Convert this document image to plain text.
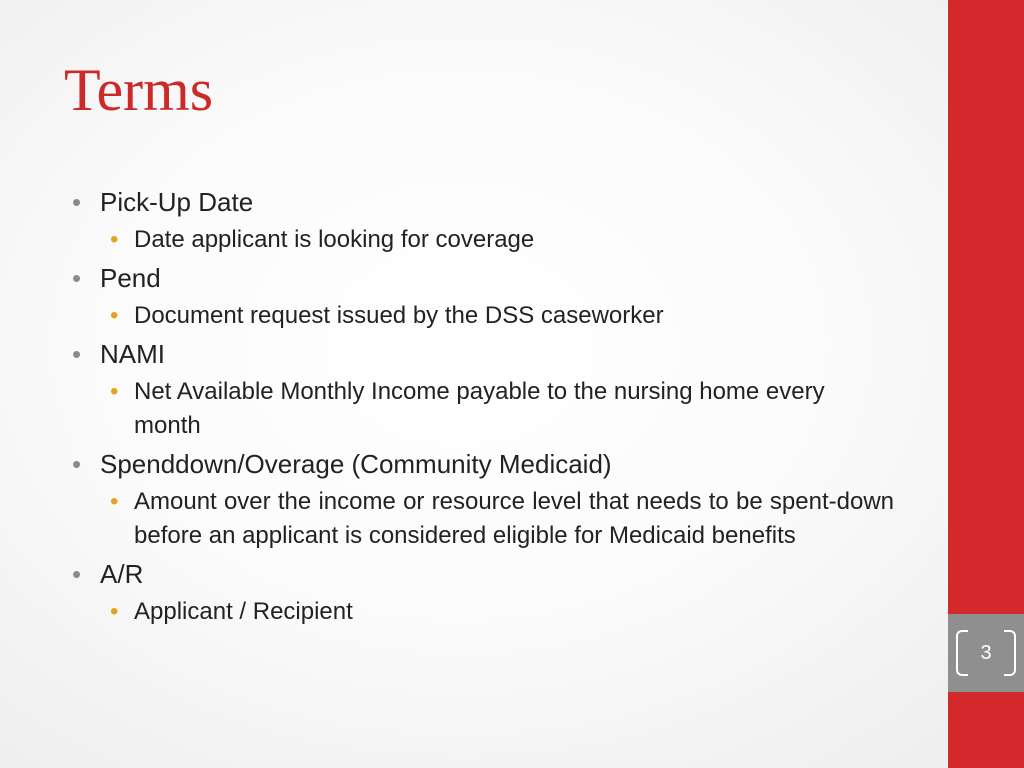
Terms
• Pick-Up Date
• Date applicant is looking for coverage
• Pend
• Document request issued by the DSS caseworker
• NAMI
• Net Available Monthly Income payable to the nursing home every month
• Spenddown/Overage (Community Medicaid)
• Amount over the income or resource level that needs to be spent-down before an applicant is considered eligible for Medicaid benefits
• A/R
• Applicant / Recipient
3
